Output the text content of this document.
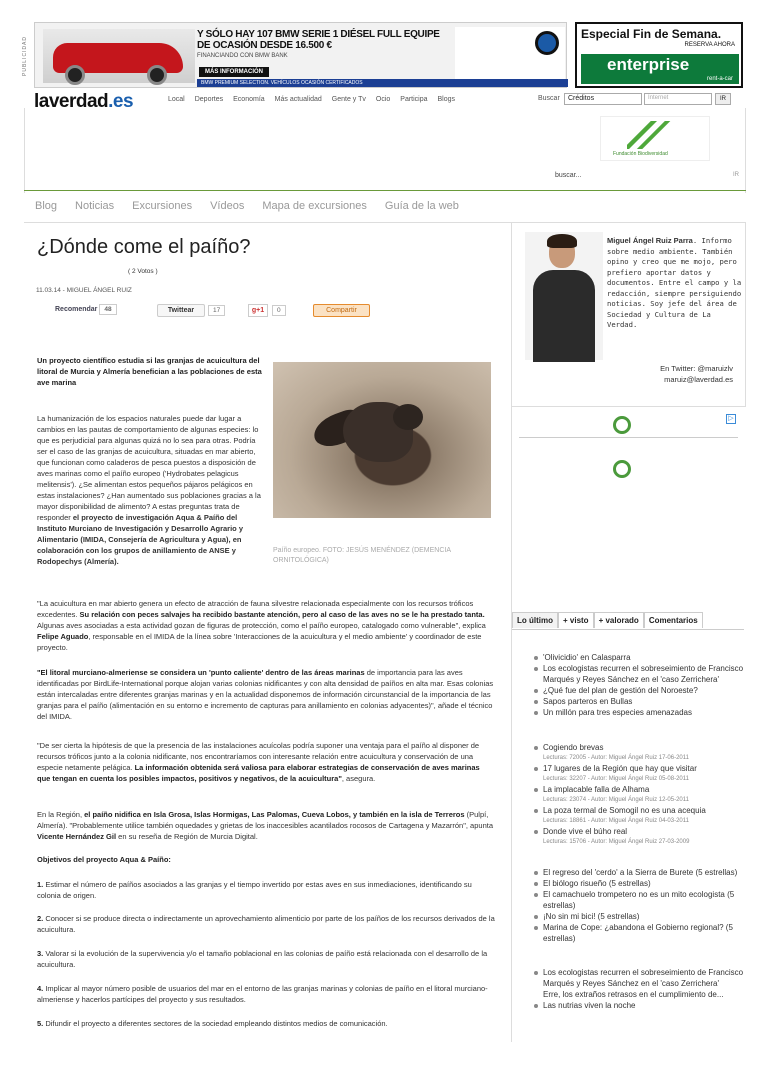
PUBLICIDAD
Y SÓLO HAY 107 BMW SERIE 1 DIÉSEL FULL EQUIPE DE OCASIÓN DESDE 16.500 €
FINANCIANDO CON BMW BANK
MÁS INFORMACIÓN
BMW PREMIUM SELECTION. VEHÍCULOS OCASIÓN CERTIFICADOS
Especial Fin de Semana.
RESERVA AHORA
enterprise
rent-a-car
laverdad.es	Local Deportes Economía Más actualidad Gente y Tv Ocio Participa Blogs	Buscar	Créditos	Internet	IR
Fundación Biodiversidad
buscar...	IR
Blog Noticias Excursiones Vídeos Mapa de excursiones Guía de la web
¿Dónde come el paíño?
( 2 Votos )
11.03.14 - MIGUEL ÁNGEL RUIZ
Recomendar 48	Twittear	17	g+1	0	Compartir

Un proyecto científico estudia si las granjas de acuicultura del litoral de Murcia y Almería benefician a las poblaciones de esta ave marina

Paíño europeo. FOTO: JESÚS MENÉNDEZ (DEMENCIA ORNITOLÓGICA)

La humanización de los espacios naturales puede dar lugar a cambios en las pautas de comportamiento de algunas especies: lo que es perjudicial para algunas quizá no lo sea para otras. Podría ser el caso de las granjas de acuicultura, situadas en mar abierto, que funcionan como caladeros de pesca puestos a disposición de aves marinas como el paíño europeo ('Hydrobates pelagicus melitensis'). ¿Se alimentan estos pequeños pájaros pelágicos en estas instalaciones? ¿Han aumentado sus poblaciones gracias a la mayor disponibilidad de alimento? A estas preguntas trata de responder el proyecto de investigación Aqua & Paíño del Instituto Murciano de Investigación y Desarrollo Agrario y Alimentario (IMIDA, Consejería de Agricultura y Agua), en colaboración con los grupos de anillamiento de ANSE y Rodopechys (Almería).

"La acuicultura en mar abierto genera un efecto de atracción de fauna silvestre relacionada especialmente con los recursos tróficos excedentes. Su relación con peces salvajes ha recibido bastante atención, pero al caso de las aves no se le ha prestado tanta. Algunas aves asociadas a esta actividad gozan de figuras de protección, como el paíño europeo, catalogado como vulnerable", explica Felipe Aguado, responsable en el IMIDA de la línea sobre 'Interacciones de la acuicultura y el medio ambiente' y coordinador de este proyecto.

"El litoral murciano-almeriense se considera un 'punto caliente' dentro de las áreas marinas de importancia para las aves identificadas por BirdLife-International porque alojan varias colonias nidificantes y con alta densidad de paíños en alta mar. Esas colonias están intercaladas entre diferentes granjas marinas y en la actualidad disponemos de información circunstancial de la importancia de las granjas para el paíño (alimentación en su entorno e incremento de capturas para anillamiento en colonias adyacentes)", añade el técnico del IMIDA.

"De ser cierta la hipótesis de que la presencia de las instalaciones acuícolas podría suponer una ventaja para el paíño al disponer de recursos tróficos junto a la colonia nidificante, nos encontraríamos con interesante relación entre acuicultura y conservación de una especie netamente pelágica. La información obtenida será valiosa para elaborar estrategias de conservación de aves marinas que tengan en cuenta los posibles impactos, positivos y negativos, de la acuicultura", asegura.

En la Región, el paíño nidifica en Isla Grosa, Islas Hormigas, Las Palomas, Cueva Lobos, y también en la isla de Terreros (Pulpí, Almería). "Probablemente utilice también oquedades y grietas de los inaccesibles acantilados rocosos de Cartagena y Mazarrón", apunta Vicente Hernández Gil en su reseña de Región de Murcia Digital.

Objetivos del proyecto Aqua & Paíño:

1. Estimar el número de paíños asociados a las granjas y el tiempo invertido por estas aves en sus inmediaciones, identificando su colonia de origen.

2. Conocer si se produce directa o indirectamente un aprovechamiento alimenticio por parte de los paíños de los recursos derivados de la acuicultura.

3. Valorar si la evolución de la supervivencia y/o el tamaño poblacional en las colonias de paíño está relacionada con el desarrollo de la acuicultura.

4. Implicar al mayor número posible de usuarios del mar en el entorno de las granjas marinas y colonias de paíño en el litoral murciano-almeriense y hacerlos partícipes del proyecto y sus resultados.

5. Difundir el proyecto a diferentes sectores de la sociedad empleando distintos medios de comunicación.

Miguel Ángel Ruiz Parra. Informo sobre medio ambiente. También opino y creo que me mojo, pero prefiero aportar datos y documentos. Entre el campo y la redacción, siempre persiguiendo noticias. Soy jefe del área de Sociedad y Cultura de La Verdad.

En Twitter: @maruizlv
maruiz@laverdad.es

▷
Lo último	+ visto	+ valorado	Comentarios
'Olivicidio' en Calasparra
Los ecologistas recurren el sobreseimiento de Francisco Marqués y Reyes Sánchez en el 'caso Zerrichera'
¿Qué fue del plan de gestión del Noroeste?
Sapos parteros en Bullas
Un millón para tres especies amenazadas
Cogiendo brevas
Lecturas: 72005 - Autor: Miguel Ángel Ruiz 17-06-2011
17 lugares de la Región que hay que visitar
Lecturas: 32207 - Autor: Miguel Ángel Ruiz 05-08-2011
La implacable falla de Alhama
Lecturas: 23074 - Autor: Miguel Ángel Ruiz 12-05-2011
La poza termal de Somogil no es una acequia
Lecturas: 18861 - Autor: Miguel Ángel Ruiz 04-03-2011
Donde vive el búho real
Lecturas: 15706 - Autor: Miguel Ángel Ruiz 27-03-2009
El regreso del 'cerdo' a la Sierra de Burete (5 estrellas)
El biólogo risueño (5 estrellas)
El camachuelo trompetero no es un mito ecologista (5 estrellas)
¡No sin mi bici! (5 estrellas)
Marina de Cope: ¿abandona el Gobierno regional? (5 estrellas)
Los ecologistas recurren el sobreseimiento de Francisco Marqués y Reyes Sánchez en el 'caso Zerrichera'
Erre, los extraños retrasos en el cumplimiento de...
Las nutrias viven la noche
